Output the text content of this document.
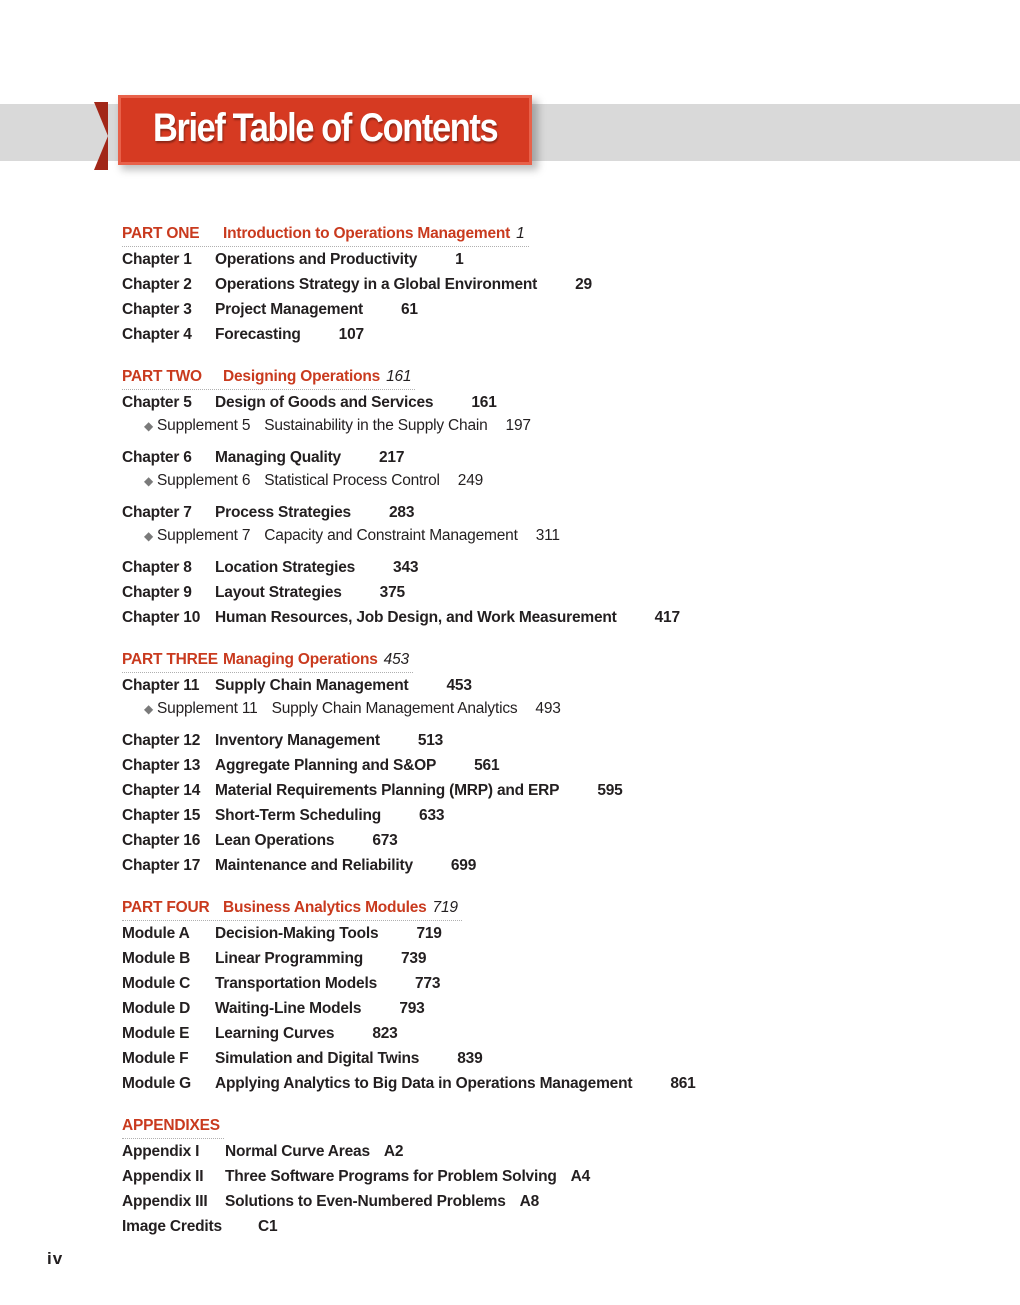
Brief Table of Contents
PART ONE Introduction to Operations Management 1
Chapter 1 Operations and Productivity 1
Chapter 2 Operations Strategy in a Global Environment 29
Chapter 3 Project Management 61
Chapter 4 Forecasting 107
PART TWO Designing Operations 161
Chapter 5 Design of Goods and Services 161
◆ Supplement 5 Sustainability in the Supply Chain 197
Chapter 6 Managing Quality 217
◆ Supplement 6 Statistical Process Control 249
Chapter 7 Process Strategies 283
◆ Supplement 7 Capacity and Constraint Management 311
Chapter 8 Location Strategies 343
Chapter 9 Layout Strategies 375
Chapter 10 Human Resources, Job Design, and Work Measurement 417
PART THREE Managing Operations 453
Chapter 11 Supply Chain Management 453
◆ Supplement 11 Supply Chain Management Analytics 493
Chapter 12 Inventory Management 513
Chapter 13 Aggregate Planning and S&OP 561
Chapter 14 Material Requirements Planning (MRP) and ERP 595
Chapter 15 Short-Term Scheduling 633
Chapter 16 Lean Operations 673
Chapter 17 Maintenance and Reliability 699
PART FOUR Business Analytics Modules 719
Module A Decision-Making Tools 719
Module B Linear Programming 739
Module C Transportation Models 773
Module D Waiting-Line Models 793
Module E Learning Curves 823
Module F Simulation and Digital Twins 839
Module G Applying Analytics to Big Data in Operations Management 861
APPENDIXES
Appendix I Normal Curve Areas A2
Appendix II Three Software Programs for Problem Solving A4
Appendix III Solutions to Even-Numbered Problems A8
Image Credits C1
iv
